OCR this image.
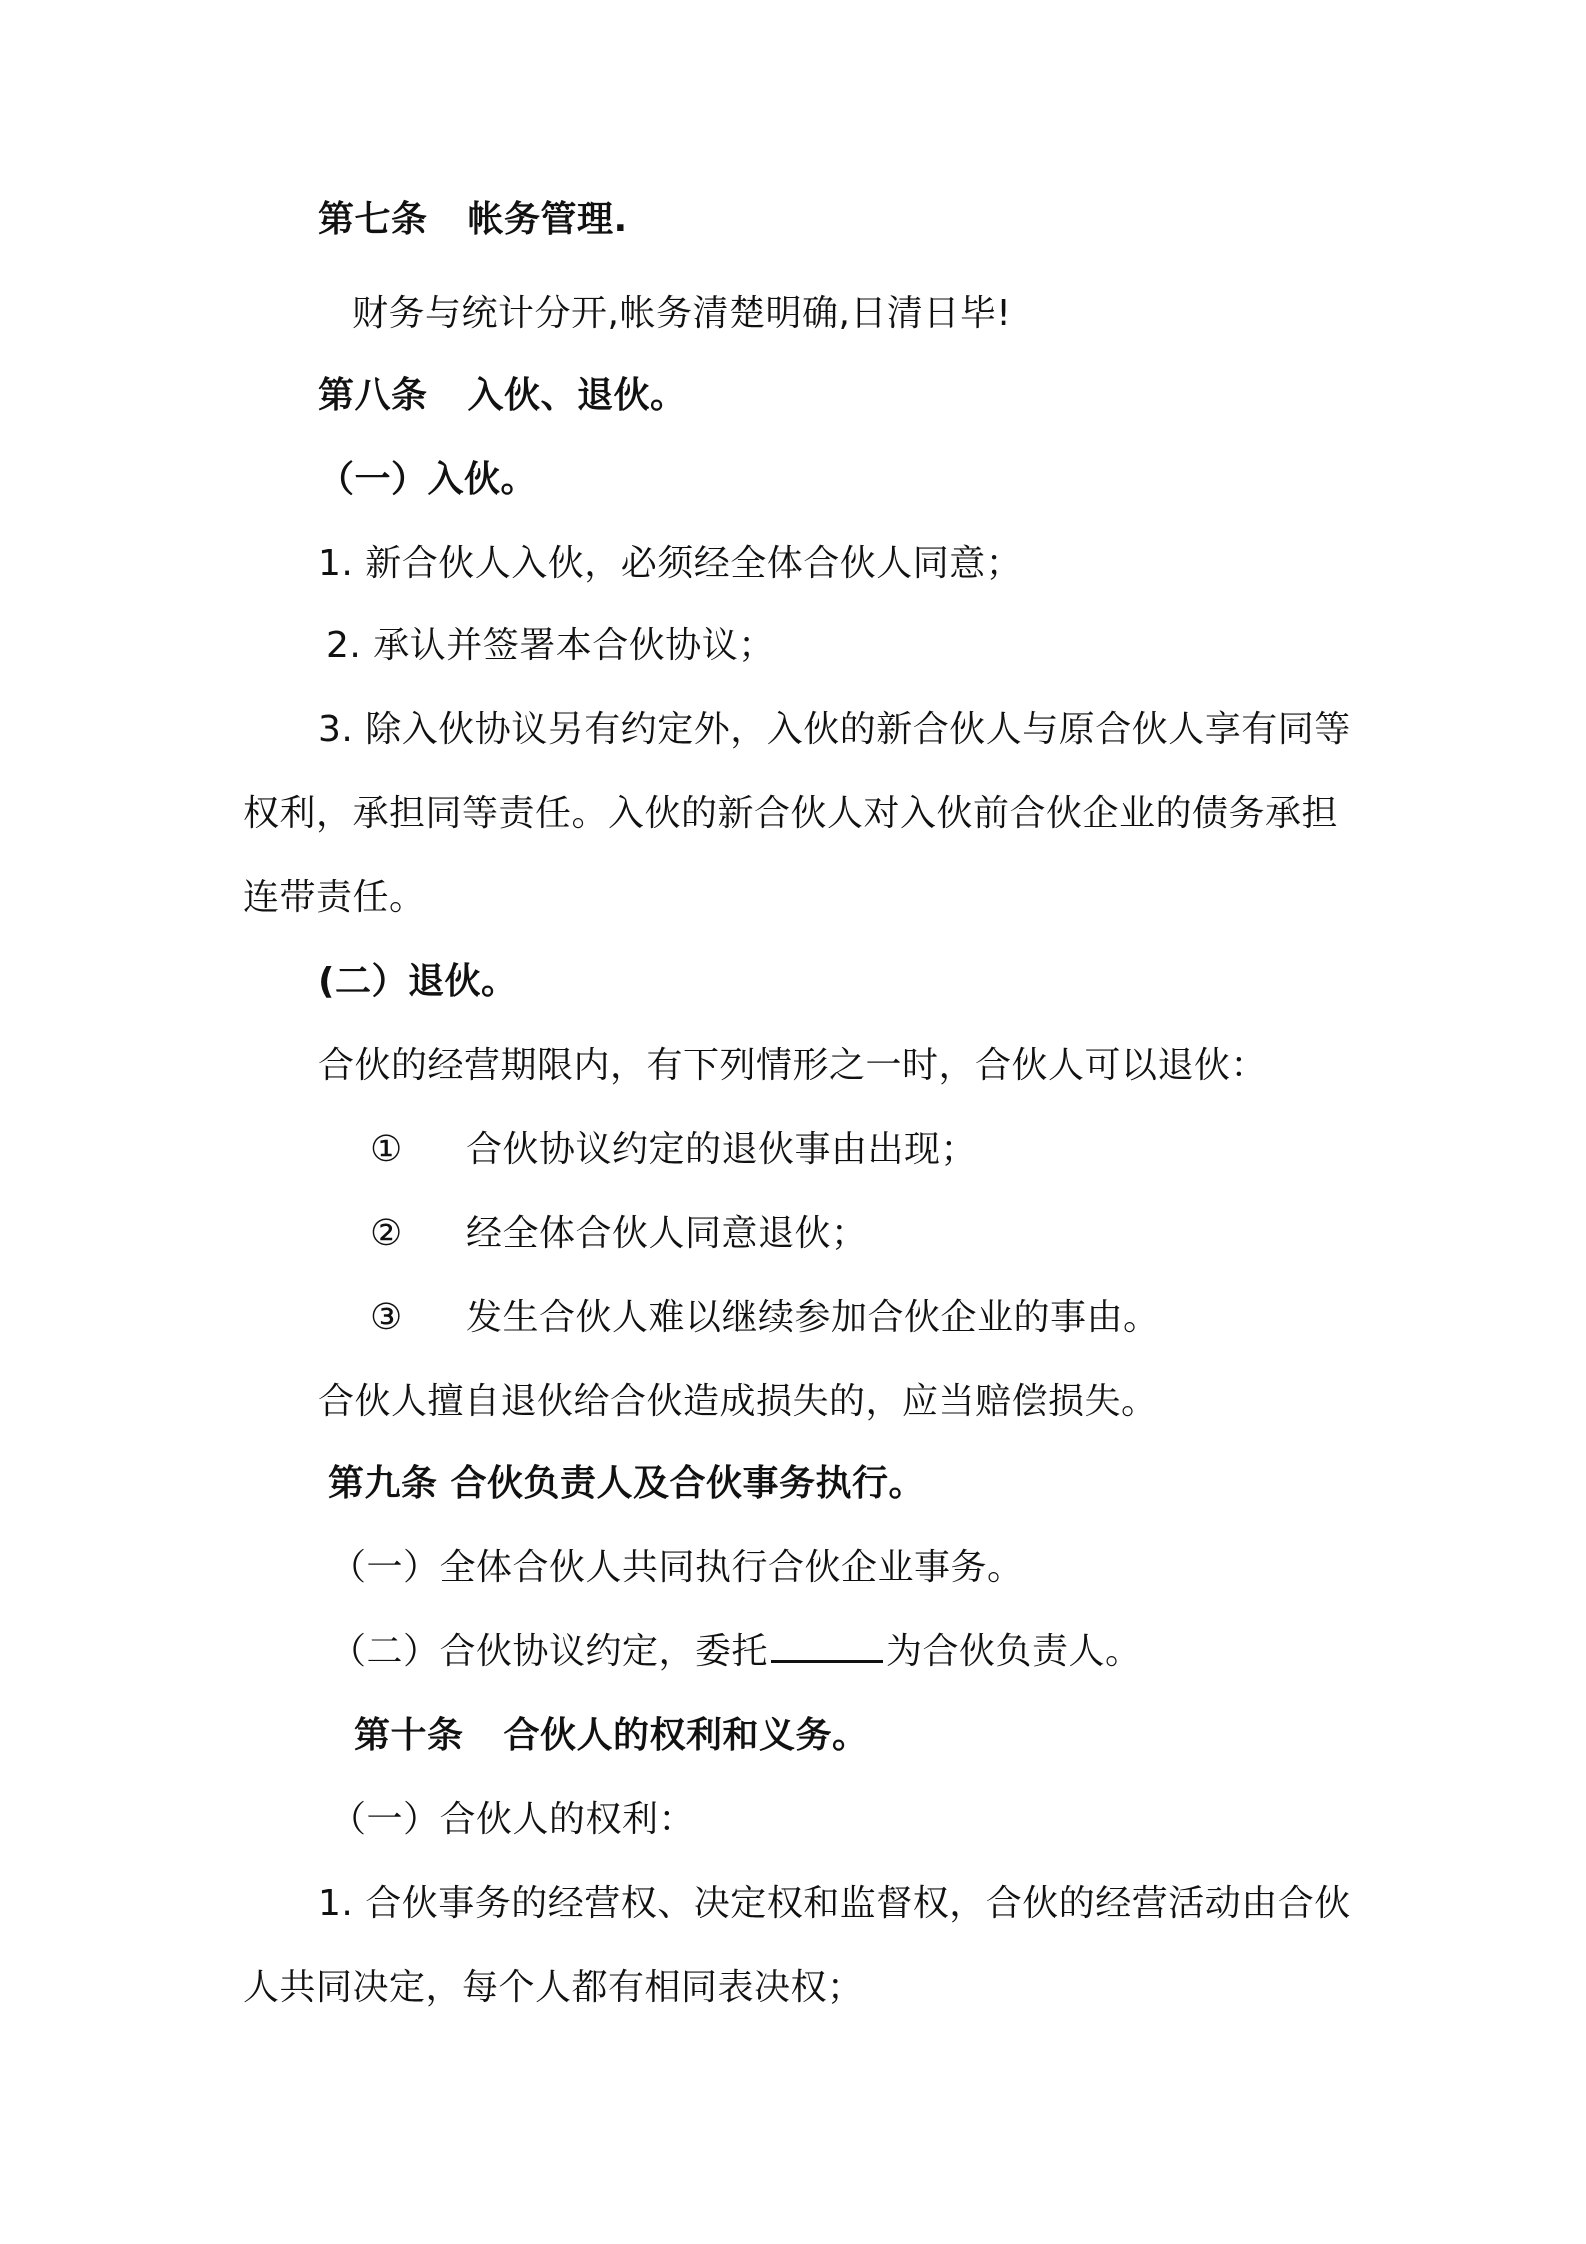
第七条 帐务管理.
财务与统计分开,帐务清楚明确,日清日毕!
第八条 入伙、退伙。
（一）入伙。
1. 新合伙人入伙，必须经全体合伙人同意；
2. 承认并签署本合伙协议；
3. 除入伙协议另有约定外，入伙的新合伙人与原合伙人享有同等
权利，承担同等责任。入伙的新合伙人对入伙前合伙企业的债务承担
连带责任。
(二）退伙。
合伙的经营期限内，有下列情形之一时，合伙人可以退伙：
① 合伙协议约定的退伙事由出现；
② 经全体合伙人同意退伙；
③ 发生合伙人难以继续参加合伙企业的事由。
合伙人擅自退伙给合伙造成损失的，应当赔偿损失。
第九条 合伙负责人及合伙事务执行。
（一）全体合伙人共同执行合伙企业事务。
（二）合伙协议约定，委托	为合伙负责人。
第十条 合伙人的权利和义务。
（一）合伙人的权利：
1. 合伙事务的经营权、决定权和监督权，合伙的经营活动由合伙
人共同决定，每个人都有相同表决权；
